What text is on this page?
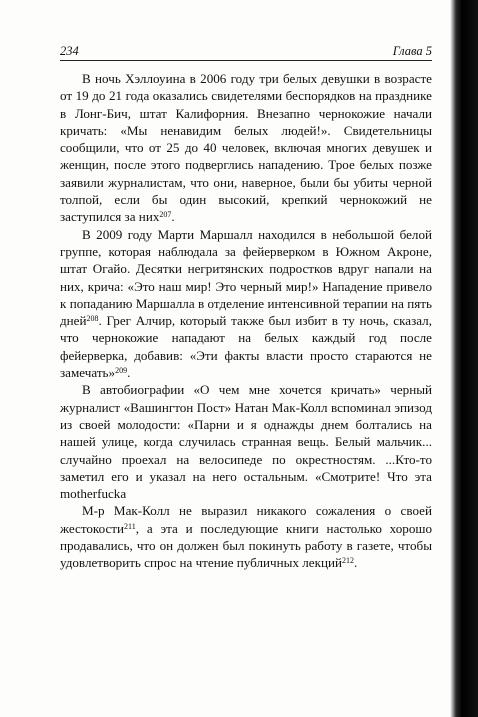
234	Глава 5

В ночь Хэллоуина в 2006 году три белых девушки в возрасте от 19 до 21 года оказались свидетелями беспорядков на празднике в Лонг-Бич, штат Калифорния. Внезапно чернокожие начали кричать: «Мы ненавидим белых людей!». Свидетельницы сообщили, что от 25 до 40 человек, включая многих девушек и женщин, после этого подверглись нападению. Трое белых позже заявили журналистам, что они, наверное, были бы убиты черной толпой, если бы один высокий, крепкий чернокожий не заступился за них$^{207}$.

В 2009 году Марти Маршалл находился в небольшой белой группе, которая наблюдала за фейерверком в Южном Акроне, штат Огайо. Десятки негритянских подростков вдруг напали на них, крича: «Это наш мир! Это черный мир!» Нападение привело к попаданию Маршалла в отделение интенсивной терапии на пять дней$^{208}$. Грег Алчир, который также был избит в ту ночь, сказал, что чернокожие нападают на белых каждый год после фейерверка, добавив: «Эти факты власти просто стараются не замечать»$^{209}$.

В автобиографии «О чем мне хочется кричать» черный журналист «Вашингтон Пост» Натан Мак-Колл вспоминал эпизод из своей молодости: «Парни и я однажды днем болтались на нашей улице, когда случилась странная вещь. Белый мальчик... случайно проехал на велосипеде по окрестностям. ...Кто-то заметил его и указал на него остальным. «Смотрите! Что эта motherfucka

М-р Мак-Колл не выразил никакого сожаления о своей жестокости$^{211}$, а эта и последующие книги настолько хорошо продавались, что он должен был покинуть работу в газете, чтобы удовлетворить спрос на чтение публичных лекций$^{212}$.
